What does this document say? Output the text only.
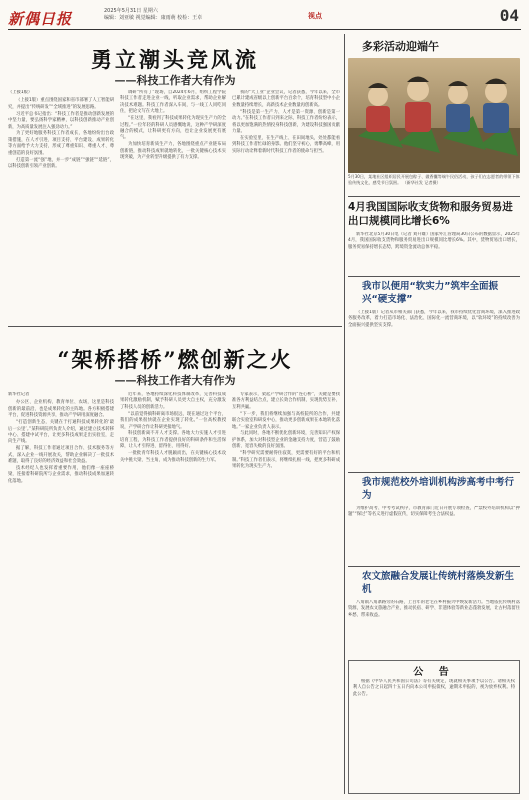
新偶日报	2025年5月31日 星期六
编辑：刘亚敏 视觉编辑：康雨萌 校检：王卓	视点	04
勇立潮头竞风流
—— 科技工作者大有作为
（上接1版）

（上接1版）重点围绕国家和省市部署了人工智能研究，并提出“传统研发”“全域推进”的发展思路。

习近平总书记指出：“科技工作者是推动创新发展的中坚力量，要弘扬科学家精神，以科技创新推动产业创新，为高质量发展注入强劲动力。”

为了更好地服务科技工作者成长，各地纷纷出台政策措施，在人才引进、项目支持、平台建设、成果转化等方面给予大力支持，形成了尊重知识、尊重人才、尊重创造的良好氛围。

打造第一流“强”地，并一步“成链”“强链”“延链”，以科技创新引领产业创新。

调研“所有了”现场，自2024年6月，组织工程学院科技工作者走进企业一线，听取企业需求，帮助企业解决技术难题。科技工作者深入车间，与一线工人同吃同住，把论文写在大地上。

“在这里，我看到了科技成果转化为现实生产力的全过程。”一位年轻的科研人员感慨地说，这种产学研深度融合的模式，让科研更有方向，也让企业发展更有底气。

为加快培育新质生产力，各地围绕重点产业链布局创新链，推动科技成果就地转化，一批关键核心技术实现突破，为产业转型升级提供了有力支撑。

我的“大工业”企业会议，记者获悉，今年以来，全市已累计建成省级以上创新平台百余个，培育科技型中小企业数量持续增长，高新技术企业数量再创新高。

“科技是第一生产力、人才是第一资源、创新是第一动力。”在科技工作者日到来之际，科技工作者纷纷表示，将以更加饱满的热情投身科技创新，为建设科技强国贡献力量。

在实验室里、在生产线上、在田间地头，处处都能看到科技工作者忙碌的身影。他们坚守初心，勇攀高峰，用实际行动诠释着新时代科技工作者的使命与担当。

“架桥搭桥”燃创新之火
—— 科技工作者大有作为
新华社记者

办公区、企业机构、教育单位、农场，这里是科技创新的最前沿，也是成果转化的主阵地。各方积极搭建平台，促进科技资源共享，推动产学研用深度融合。

“打造创新生态，关键在于打通科技成果转化的‘最后一公里’。”某科研院所负责人介绍，通过建立技术转移中心、搭建中试平台，让更多科技成果走出实验室，走向生产线。

据了解，科技工作者通过项目合作、技术服务等方式，深入企业一线开展攻关，帮助企业解决了一批技术难题，取得了良好的经济效益和社会效益。

技术经纪人也发挥着重要作用，他们像一座座桥梁，连接着科研院所与企业需求，推动科技成果加速转化落地。

近年来，各地持续深化科技体制改革，完善科技成果转化激励机制，赋予科研人员更大自主权，充分激发了科技人员的创新活力。

“以前觉得搞科研离市场很远，现在通过这个平台，我们的成果很快就在企业实现了转化。”一位高校教授说，产学研合作让科研更接地气。

科技创新离不开人才支撑。各地大力实施人才引进培育工程，为科技工作者提供良好的科研条件和生活保障，让人才引得进、留得住、用得好。

一批批青年科技人才脱颖而出，在关键核心技术攻关中挑大梁、当主角，成为推动科技创新的生力军。

专家表示，架起产学研合作的“连心桥”，关键是要找准各方利益结合点，建立长效合作机制，实现优势互补、互利共赢。

“下一步，我们将继续加强与高校院所的合作，共建联合实验室和研发中心，推动更多创新成果在本地转化落地。”一家企业负责人表示。

与此同时，各地不断优化创新环境，完善知识产权保护体系，加大对科技型企业的金融支持力度，营造了鼓励创新、宽容失败的良好氛围。

“科学研究需要耐得住寂寞，更需要有好的平台和机制。”科技工作者们表示，将继续扎根一线，把更多科研成果转化为现实生产力。

多彩活动迎端午
5月30日，某地社区组织居民开展包粽子、做香囊等端午民俗活动，孩子们在志愿者的带领下体验传统文化，感受节日氛围。 （新华社发 记者摄）
4月我国国际收支货物和服务贸易进出口规模同比增长6%

新华社北京5月30日电（记者 刘开雄）国家外汇管理局30日公布的数据显示，2025年4月，我国国际收支货物和服务贸易进出口规模同比增长6%。其中，货物贸易出口增长，服务贸易保持增长态势，跨境资金流动总体平稳。

我市以便用“软实力”筑牢全面振兴“硬支撑”

（上接1版）记者从市相关部门获悉，今年以来，我市持续优化营商环境，深入推进政务服务改革，着力打造市场化、法治化、国际化一流营商环境，以“软环境”的持续改善为全面振兴提供坚实支撑。

我市规范校外培训机构涉高考中考行为

为维护高考、中考考试秩序，市教育部门近日开展专项检查，严禁校外培训机构以“押题”“保过”等名义进行虚假宣传，切实保障考生合法权益。

农文旅融合发展让传统村落焕发新生机

八角镇八角寨路旁的石路，上百年的老宅在乡村振兴中焕发新活力。当地依托传统村落资源，发展农文旅融合产业，推动民宿、研学、非遗体验等新业态蓬勃发展，让古村落留住乡愁、带来收益。

公 告

根据《中华人民共和国公司法》等有关规定，现就相关事项予以公告。请相关权利人自公告之日起四十五日内向本公司申报债权，逾期未申报的，视为放弃权利。特此公告。
